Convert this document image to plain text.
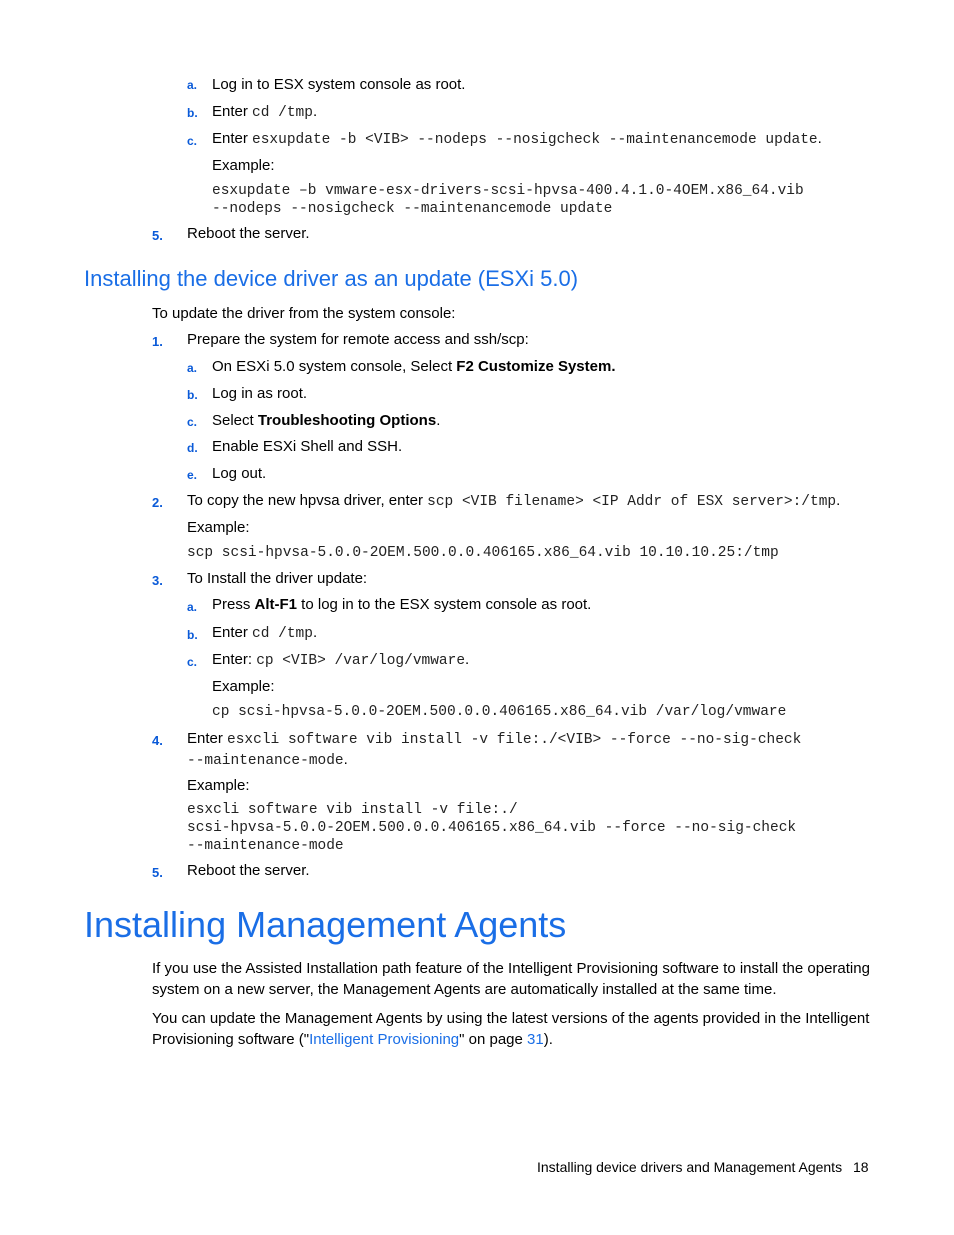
a. Log in to ESX system console as root.
b. Enter cd /tmp.
c. Enter esxupdate -b <VIB> --nodeps --nosigcheck --maintenancemode update.
Example:
esxupdate –b vmware-esx-drivers-scsi-hpvsa-400.4.1.0-4OEM.x86_64.vib
--nodeps --nosigcheck --maintenancemode update
5. Reboot the server.
Installing the device driver as an update (ESXi 5.0)
To update the driver from the system console:
1. Prepare the system for remote access and ssh/scp:
a. On ESXi 5.0 system console, Select F2 Customize System.
b. Log in as root.
c. Select Troubleshooting Options.
d. Enable ESXi Shell and SSH.
e. Log out.
2. To copy the new hpvsa driver, enter scp <VIB filename> <IP Addr of ESX server>:/tmp.
Example:
scp scsi-hpvsa-5.0.0-2OEM.500.0.0.406165.x86_64.vib 10.10.10.25:/tmp
3. To Install the driver update:
a. Press Alt-F1 to log in to the ESX system console as root.
b. Enter cd /tmp.
c. Enter: cp <VIB> /var/log/vmware.
Example:
cp scsi-hpvsa-5.0.0-2OEM.500.0.0.406165.x86_64.vib /var/log/vmware
4. Enter esxcli software vib install -v file:./<VIB> --force --no-sig-check
--maintenance-mode.
Example:
esxcli software vib install -v file:./
scsi-hpvsa-5.0.0-2OEM.500.0.0.406165.x86_64.vib --force --no-sig-check
--maintenance-mode
5. Reboot the server.
Installing Management Agents
If you use the Assisted Installation path feature of the Intelligent Provisioning software to install the operating system on a new server, the Management Agents are automatically installed at the same time.
You can update the Management Agents by using the latest versions of the agents provided in the Intelligent Provisioning software ("Intelligent Provisioning" on page 31).
Installing device drivers and Management Agents 18
